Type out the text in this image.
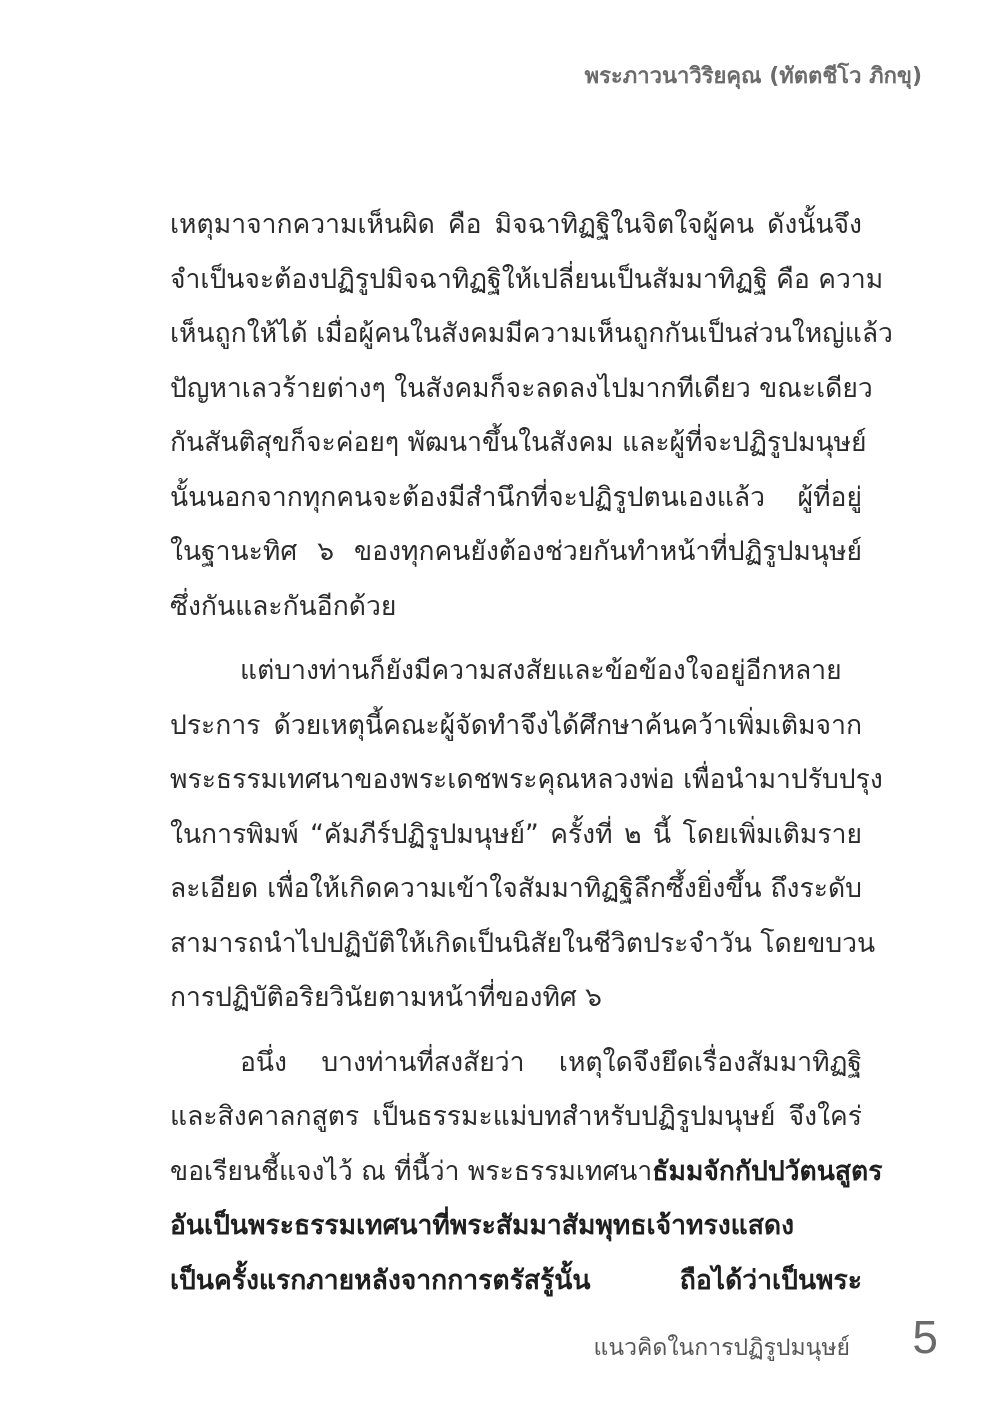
พระภาวนาวิริยคุณ (ทัตตชีโว ภิกขุ)
เหตุมาจากความเห็นผิด คือ มิจฉาทิฏฐิในจิตใจผู้คน ดังนั้นจึง
จำเป็นจะต้องปฏิรูปมิจฉาทิฏฐิให้เปลี่ยนเป็นสัมมาทิฏฐิ คือ ความ
เห็นถูกให้ได้ เมื่อผู้คนในสังคมมีความเห็นถูกกันเป็นส่วนใหญ่แล้ว
ปัญหาเลวร้ายต่างๆ ในสังคมก็จะลดลงไปมากทีเดียว ขณะเดียว
กันสันติสุขก็จะค่อยๆ พัฒนาขึ้นในสังคม และผู้ที่จะปฏิรูปมนุษย์
นั้นนอกจากทุกคนจะต้องมีสำนึกที่จะปฏิรูปตนเองแล้ว ผู้ที่อยู่
ในฐานะทิศ ๖ ของทุกคนยังต้องช่วยกันทำหน้าที่ปฏิรูปมนุษย์
ซึ่งกันและกันอีกด้วย
แต่บางท่านก็ยังมีความสงสัยและข้อข้องใจอยู่อีกหลาย
ประการ ด้วยเหตุนี้คณะผู้จัดทำจึงได้ศึกษาค้นคว้าเพิ่มเติมจาก
พระธรรมเทศนาของพระเดชพระคุณหลวงพ่อ เพื่อนำมาปรับปรุง
ในการพิมพ์ “คัมภีร์ปฏิรูปมนุษย์” ครั้งที่ ๒ นี้ โดยเพิ่มเติมราย
ละเอียด เพื่อให้เกิดความเข้าใจสัมมาทิฏฐิลึกซึ้งยิ่งขึ้น ถึงระดับ
สามารถนำไปปฏิบัติให้เกิดเป็นนิสัยในชีวิตประจำวัน โดยขบวน
การปฏิบัติอริยวินัยตามหน้าที่ของทิศ ๖
อนึ่ง บางท่านที่สงสัยว่า เหตุใดจึงยึดเรื่องสัมมาทิฏฐิ
และสิงคาลกสูตร เป็นธรรมะแม่บทสำหรับปฏิรูปมนุษย์ จึงใคร่
ขอเรียนชี้แจงไว้ ณ ที่นี้ว่า พระธรรมเทศนาธัมมจักกัปปวัตนสูตร
อันเป็นพระธรรมเทศนาที่พระสัมมาสัมพุทธเจ้าทรงแสดง
เป็นครั้งแรกภายหลังจากการตรัสรู้นั้น ถือได้ว่าเป็นพระ
แนวคิดในการปฏิรูปมนุษย์ 5
